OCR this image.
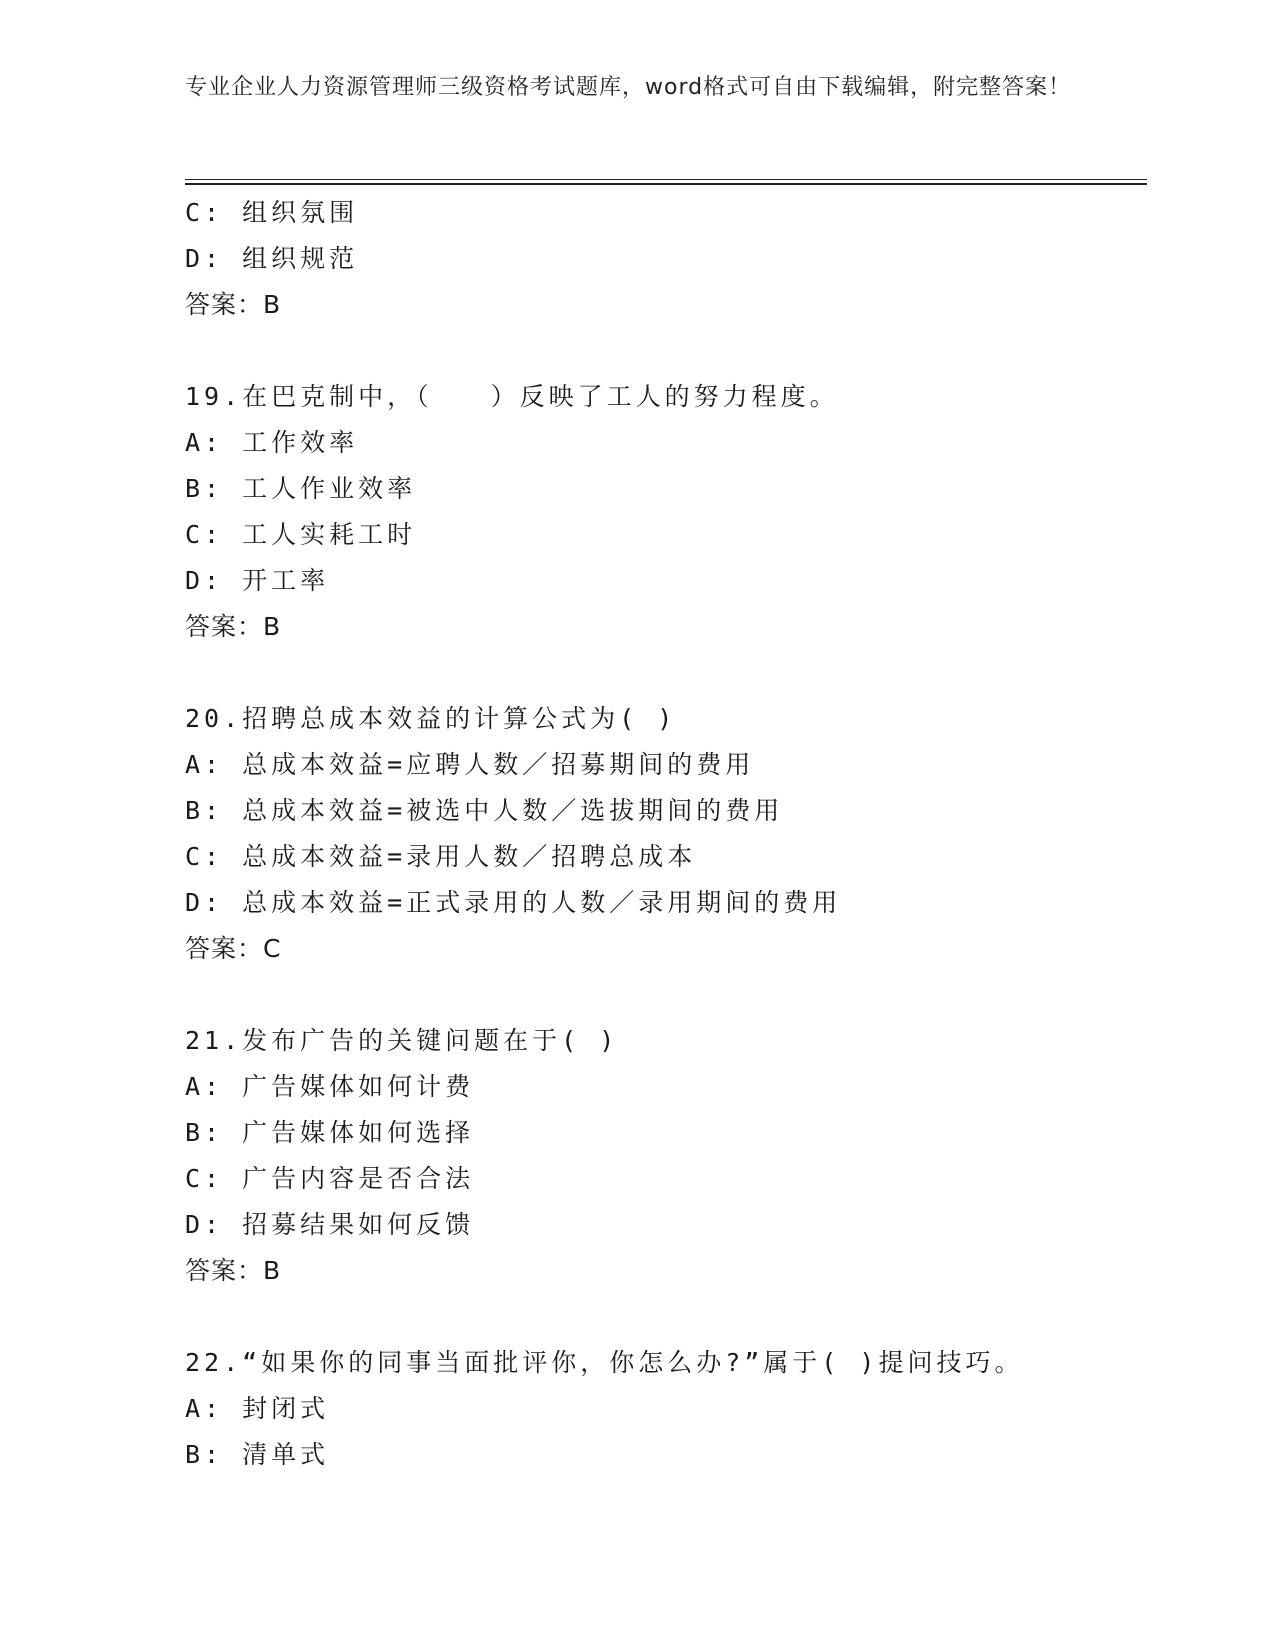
专业企业人力资源管理师三级资格考试题库，word格式可自由下载编辑，附完整答案！
C: 组织氛围
D: 组织规范
答案：B
19.在巴克制中，（　　）反映了工人的努力程度。
A: 工作效率
B: 工人作业效率
C: 工人实耗工时
D: 开工率
答案：B
20.招聘总成本效益的计算公式为( )
A: 总成本效益=应聘人数／招募期间的费用
B: 总成本效益=被选中人数／选拔期间的费用
C: 总成本效益=录用人数／招聘总成本
D: 总成本效益=正式录用的人数／录用期间的费用
答案：C
21.发布广告的关键问题在于( )
A: 广告媒体如何计费
B: 广告媒体如何选择
C: 广告内容是否合法
D: 招募结果如何反馈
答案：B
22.“如果你的同事当面批评你，你怎么办?”属于( )提问技巧。
A: 封闭式
B: 清单式
